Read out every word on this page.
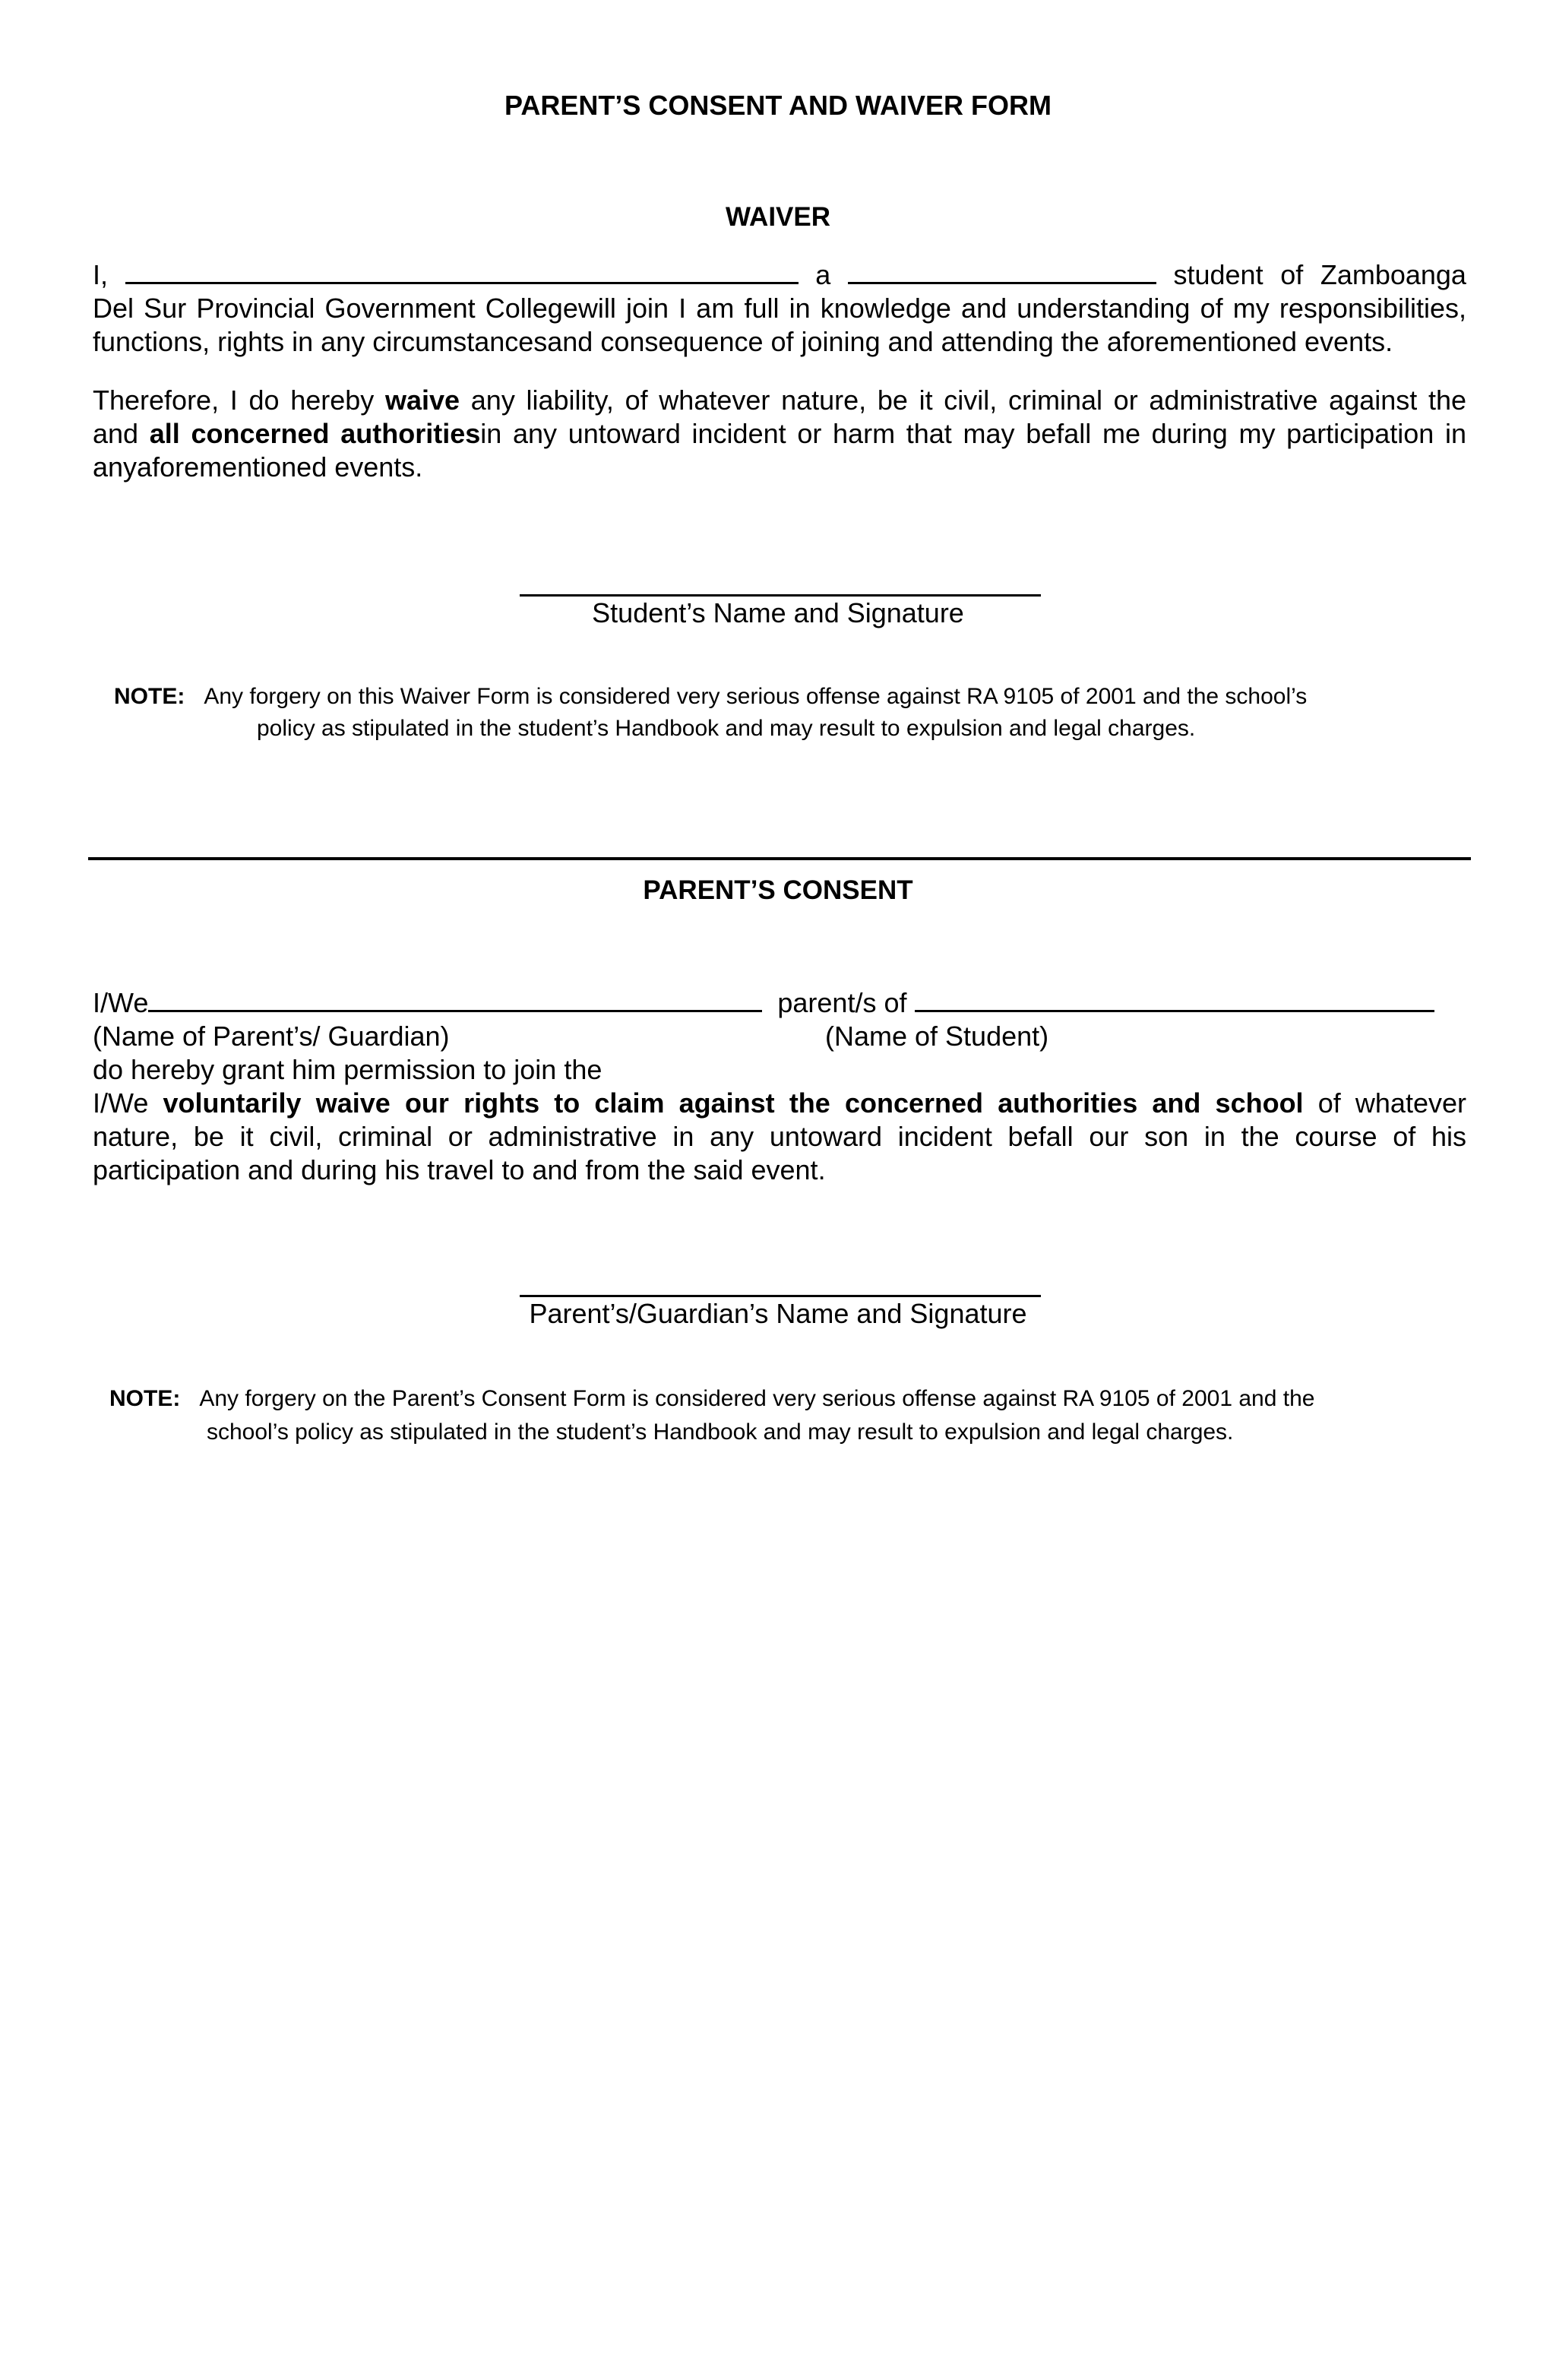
PARENT’S CONSENT AND WAIVER FORM
WAIVER
I,	a	student of Zamboanga
Del Sur Provincial Government Collegewill join I am full in knowledge and understanding of my responsibilities,
functions, rights in any circumstancesand consequence of joining and attending the aforementioned events.
Therefore, I do hereby waive any liability, of whatever nature, be it civil, criminal or administrative against the
and all concerned authoritiesin any untoward incident or harm that may befall me during my participation in
anyaforementioned events.
Student’s Name and Signature
NOTE: Any forgery on this Waiver Form is considered very serious offense against RA 9105 of 2001 and the school’s
policy as stipulated in the student’s Handbook and may result to expulsion and legal charges.
PARENT’S CONSENT
I/We	parent/s of
(Name of Parent’s/ Guardian)	(Name of Student)
do hereby grant him permission to join the
I/We voluntarily waive our rights to claim against the concerned authorities and school of whatever
nature, be it civil, criminal or administrative in any untoward incident befall our son in the course of his
participation and during his travel to and from the said event.
Parent’s/Guardian’s Name and Signature
NOTE: Any forgery on the Parent’s Consent Form is considered very serious offense against RA 9105 of 2001 and the
school’s policy as stipulated in the student’s Handbook and may result to expulsion and legal charges.
